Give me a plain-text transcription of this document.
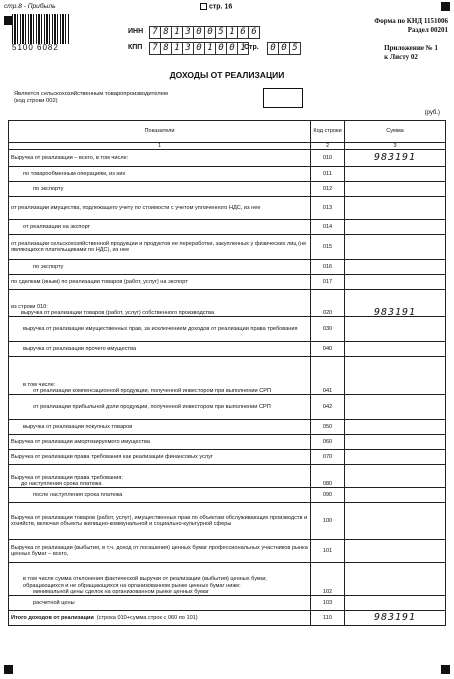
стр.8 - Прибыль	стр. 16
5100 6082
ИНН	7 8 1 3 0 0 5 1 6 6
КПП	7 8 1 3 0 1 0 0 1
Стр.	0 0 5
Форма по КНД 1151006
Раздел 00201
Приложение № 1
к Листу 02
ДОХОДЫ ОТ РЕАЛИЗАЦИИ
Является сельскохозяйственным товаропроизводителем
(код строки 002)
(руб.)
Показатели	Код строки	Сумма
1	2	3
Выручка от реализации – всего, в том числе:	010	983191
по товарообменным операциям, из них	011	
по экспорту	012	
от реализации имущества, подлежащего учету по стоимости с учетом уплаченного НДС, из нее	013	
от реализации на экспорт	014	
от реализации сельскохозяйственной продукции и продуктов ее переработки, закупленных у физических лиц (не являющихся плательщиками по НДС), из нее	015	
по экспорту	016	
по сделкам (иным) по реализации товаров (работ, услуг) на экспорт	017	
из строки 010:
выручка от реализации товаров (работ, услуг) собственного производства	020	983191
выручка от реализации имущественных прав, за исключением доходов от реализации права требования	030	
выручка от реализации прочего имущества	040	
в том числе:
от реализации компенсационной продукции, полученной инвестором при выполнении СРП	041	
от реализации прибыльной доли продукции, полученной инвестором при выполнении СРП	042	
выручка от реализации покупных товаров	050	
Выручка от реализации амортизируемого имущества	060	
Выручка от реализации права требования как реализации финансовых услуг	070	
Выручка от реализации права требования:
до наступления срока платежа	080	
после наступления срока платежа	090	
Выручка от реализации товаров (работ, услуг), имущественных прав по объектам обслуживающих производств и хозяйств, включая объекты жилищно-коммунальной и социально-культурной сферы	100	
Выручка от реализации (выбытия, в т.ч. доход от погашения) ценных бумаг профессиональных участников рынка ценных бумаг – всего,	101	
в том числе сумма отклонения фактической выручки от реализации (выбытия) ценных бумаг, обращающихся и не обращающихся на организованном рынке ценных бумаг ниже:
минимальной цены сделок на организованном рынке ценных бумаг	102	
расчетной цены	103	
Итого доходов от реализации (строка 010+сумма строк с 060 по 101)	110	983191
